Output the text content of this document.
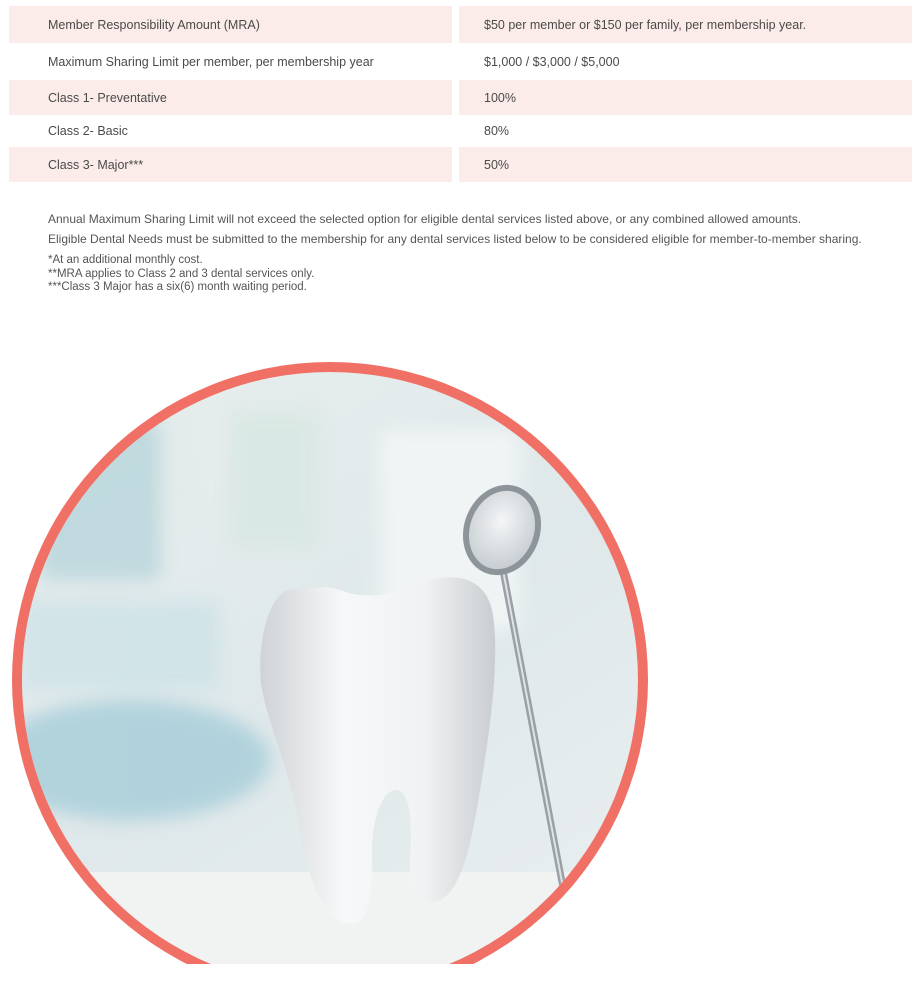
Member Responsibility Amount (MRA)	$50 per member or $150 per family, per membership year.
Maximum Sharing Limit per member, per membership year	$1,000 / $3,000 / $5,000
Class 1- Preventative	100%
Class 2- Basic	80%
Class 3- Major***	50%
Annual Maximum Sharing Limit will not exceed the selected option for eligible dental services listed above, or any combined allowed amounts.
Eligible Dental Needs must be submitted to the membership for any dental services listed below to be considered eligible for member-to-member sharing.
*At an additional monthly cost.
**MRA applies to Class 2 and 3 dental services only.
***Class 3 Major has a six(6) month waiting period.
